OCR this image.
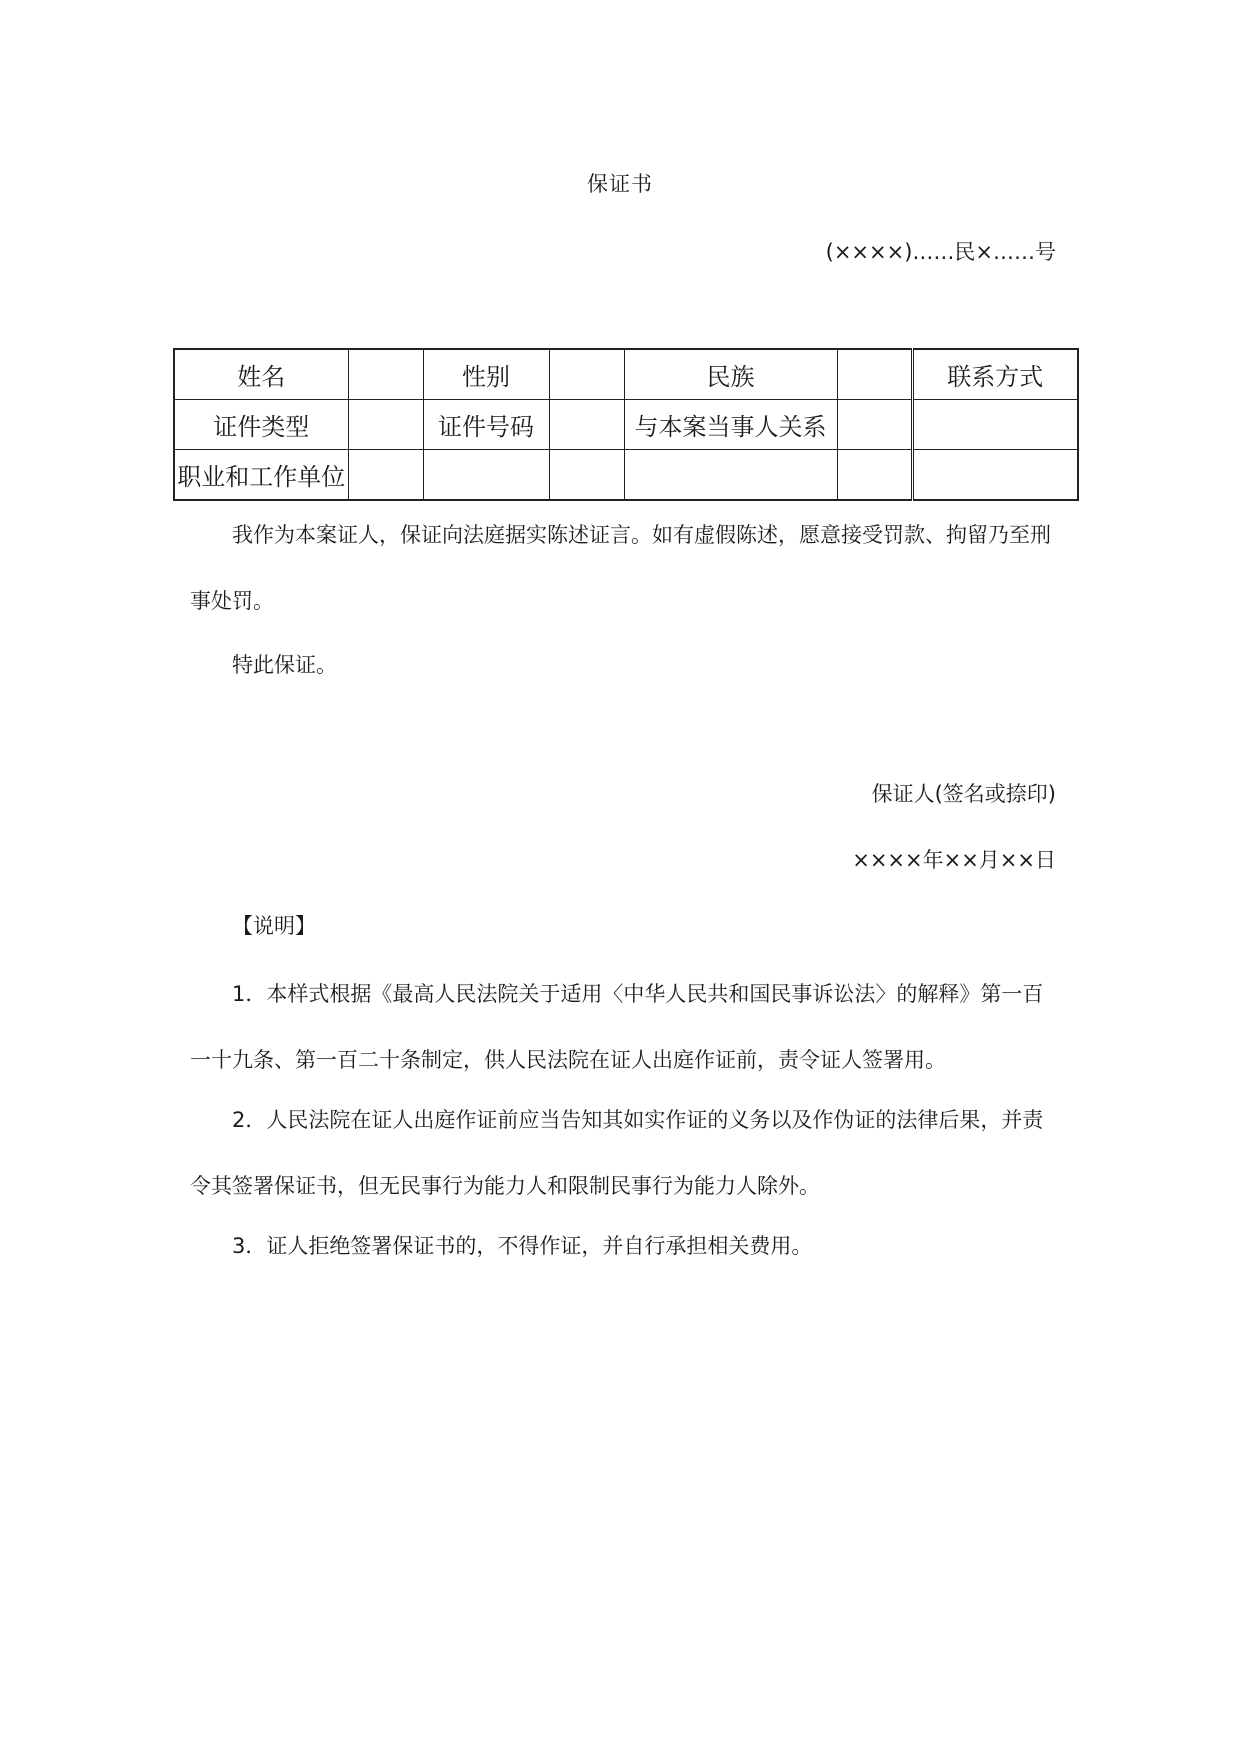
保证书
(××××)……民×……号
姓名		性别		民族		联系方式
证件类型		证件号码		与本案当事人关系		
职业和工作单位						

我作为本案证人，保证向法庭据实陈述证言。如有虚假陈述，愿意接受罚款、拘留乃至刑事处罚。

特此保证。

保证人(签名或捺印)
××××年××月××日
【说明】

1．本样式根据《最高人民法院关于适用〈中华人民共和国民事诉讼法〉的解释》第一百一十九条、第一百二十条制定，供人民法院在证人出庭作证前，责令证人签署用。

2．人民法院在证人出庭作证前应当告知其如实作证的义务以及作伪证的法律后果，并责令其签署保证书，但无民事行为能力人和限制民事行为能力人除外。

3．证人拒绝签署保证书的，不得作证，并自行承担相关费用。
